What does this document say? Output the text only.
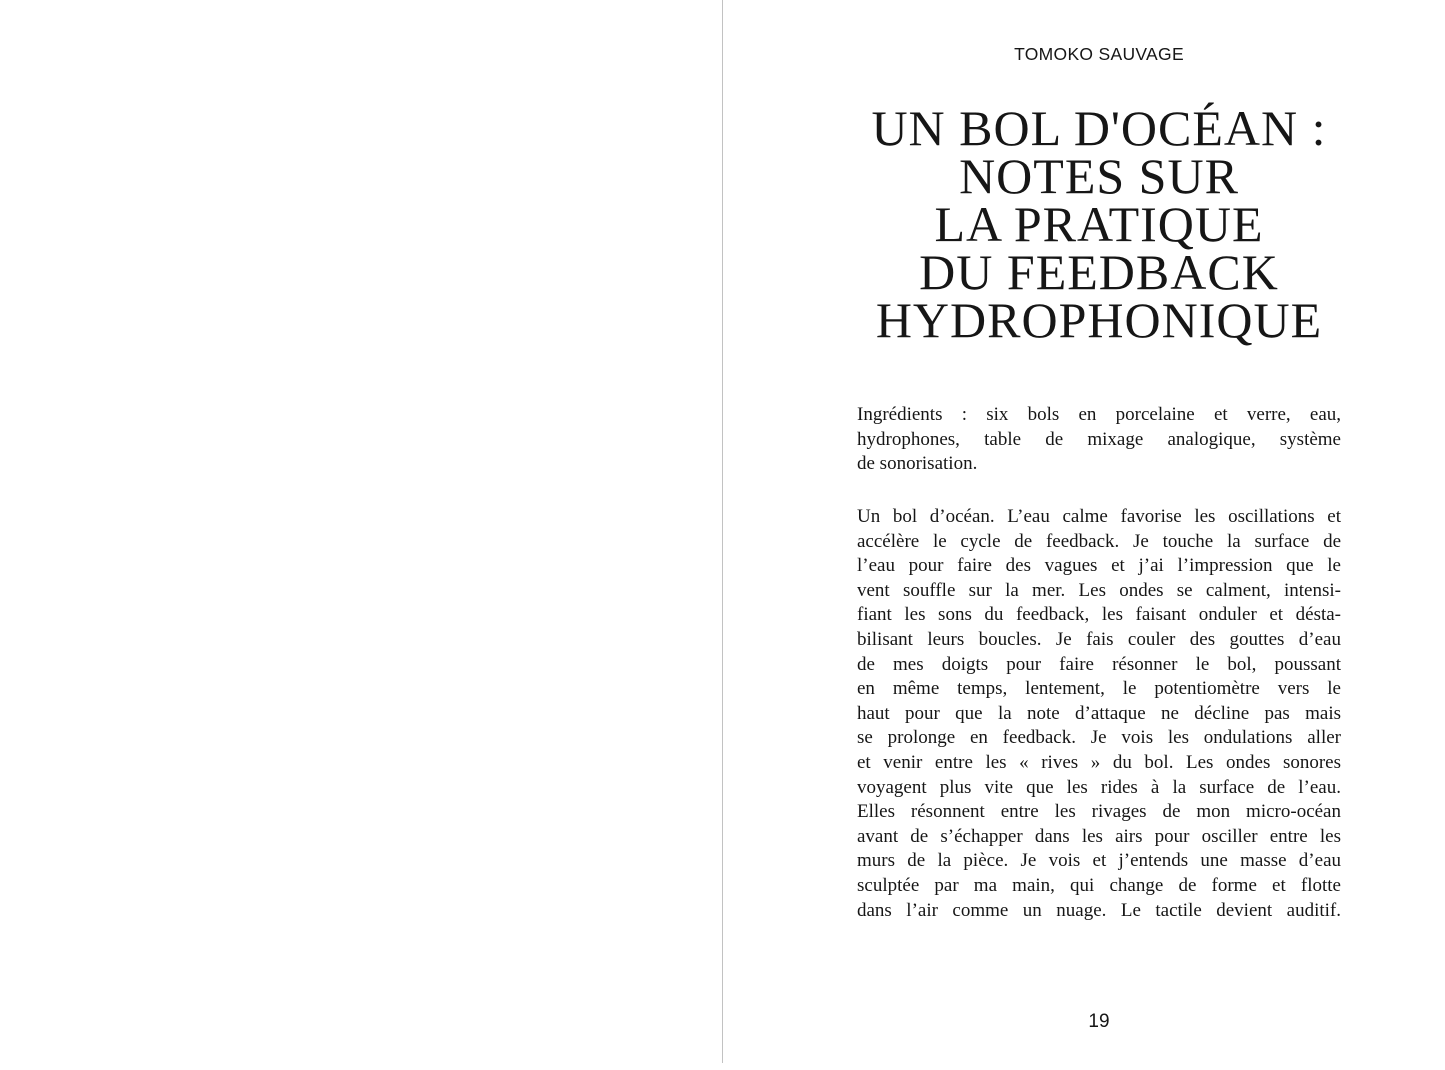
TOMOKO SAUVAGE
UN BOL D'OCÉAN :
NOTES SUR
LA PRATIQUE
DU FEEDBACK
HYDROPHONIQUE
Ingrédients : six bols en porcelaine et verre, eau,
hydrophones, table de mixage analogique, système
de sonorisation.
Un bol d’océan. L’eau calme favorise les oscillations et
accélère le cycle de feedback. Je touche la surface de
l’eau pour faire des vagues et j’ai l’impression que le
vent souffle sur la mer. Les ondes se calment, intensi-
fiant les sons du feedback, les faisant onduler et désta-
bilisant leurs boucles. Je fais couler des gouttes d’eau
de mes doigts pour faire résonner le bol, poussant
en même temps, lentement, le potentiomètre vers le
haut pour que la note d’attaque ne décline pas mais
se prolonge en feedback. Je vois les ondulations aller
et venir entre les « rives » du bol. Les ondes sonores
voyagent plus vite que les rides à la surface de l’eau.
Elles résonnent entre les rivages de mon micro-océan
avant de s’échapper dans les airs pour osciller entre les
murs de la pièce. Je vois et j’entends une masse d’eau
sculptée par ma main, qui change de forme et flotte
dans l’air comme un nuage. Le tactile devient auditif.
19
